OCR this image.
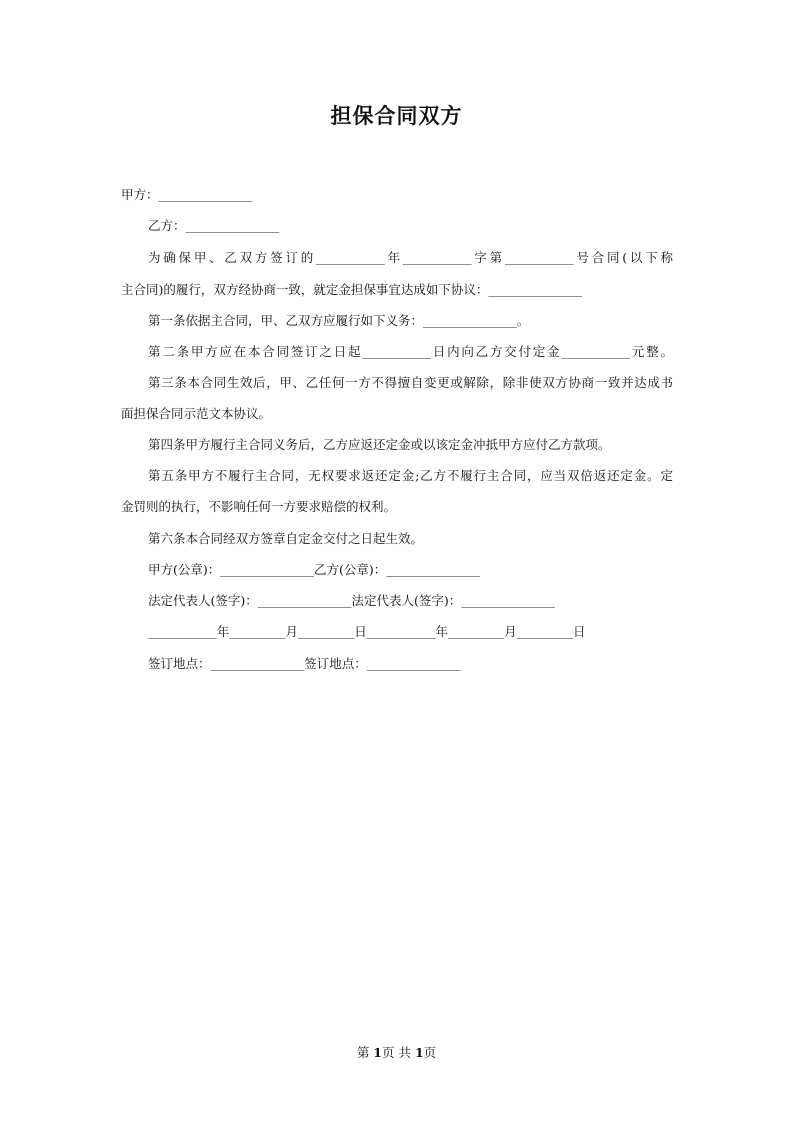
担保合同双方
甲方：_______________
乙方：_______________
为确保甲、乙双方签订的___________年___________字第___________号合同(以下称
主合同)的履行，双方经协商一致，就定金担保事宜达成如下协议：_______________
第一条依据主合同，甲、乙双方应履行如下义务：_______________。
第二条甲方应在本合同签订之日起___________日内向乙方交付定金___________元整。
第三条本合同生效后，甲、乙任何一方不得擅自变更或解除，除非使双方协商一致并达成书
面担保合同示范文本协议。
第四条甲方履行主合同义务后，乙方应返还定金或以该定金冲抵甲方应付乙方款项。
第五条甲方不履行主合同，无权要求返还定金;乙方不履行主合同，应当双倍返还定金。定
金罚则的执行，不影响任何一方要求赔偿的权利。
第六条本合同经双方签章自定金交付之日起生效。
甲方(公章)：_______________乙方(公章)：_______________
法定代表人(签字)：_______________法定代表人(签字)：_______________
___________年_________月_________日___________年_________月_________日
签订地点：_______________签订地点：_______________
第 1页 共 1页
